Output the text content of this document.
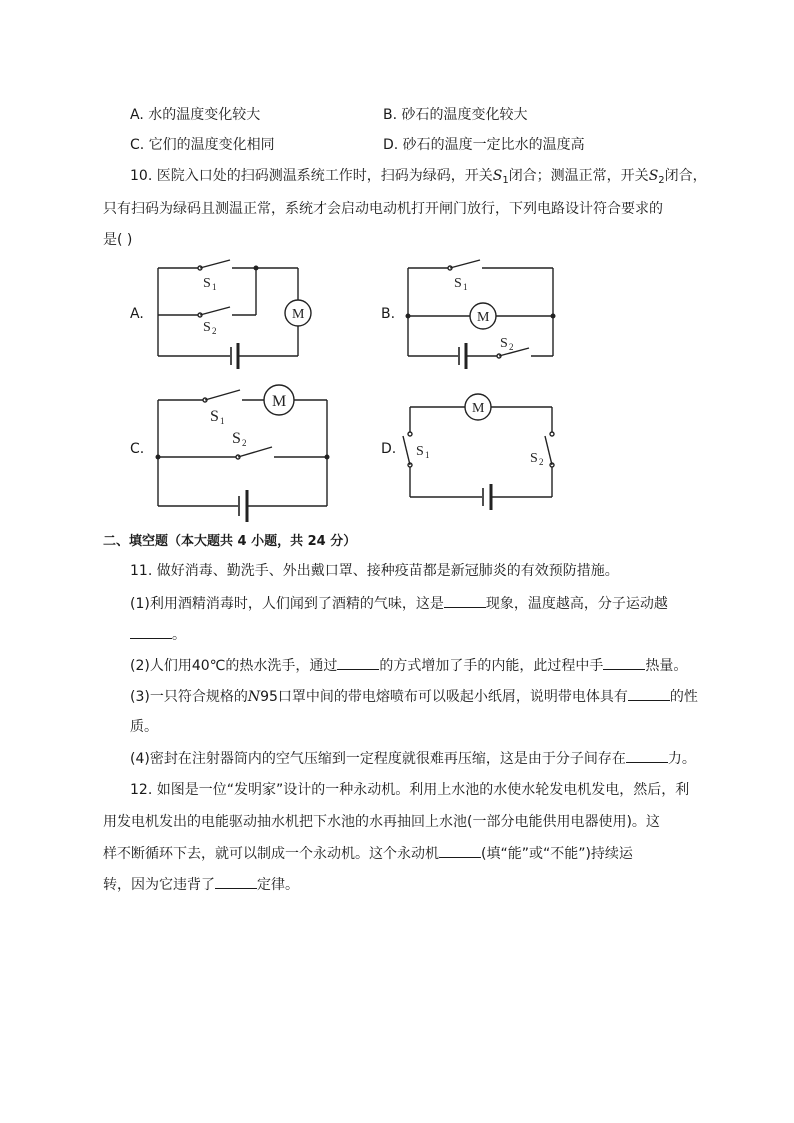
A. 水的温度变化较大	B. 砂石的温度变化较大
C. 它们的温度变化相同	D. 砂石的温度一定比水的温度高
10. 医院入口处的扫码测温系统工作时，扫码为绿码，开关$S_1$闭合；测温正常，开关$S_2$闭合，
只有扫码为绿码且测温正常，系统才会启动电动机打开闸门放行，下列电路设计符合要求的
是( )
A.	B.
C.	D.
S 1
S 2
M
S 1
S 2
M
S 1
S 2
M
S 1	S 2
M
二、填空题（本大题共 4 小题，共 24 分）
11. 做好消毒、勤洗手、外出戴口罩、接种疫苗都是新冠肺炎的有效预防措施。
(1)利用酒精消毒时，人们闻到了酒精的气味，这是	现象，温度越高，分子运动越
。
(2)人们用40℃的热水洗手，通过	的方式增加了手的内能，此过程中手	热量。
(3)一只符合规格的N95口罩中间的带电熔喷布可以吸起小纸屑，说明带电体具有	的性
质。
(4)密封在注射器筒内的空气压缩到一定程度就很难再压缩，这是由于分子间存在	力。
12. 如图是一位“发明家”设计的一种永动机。利用上水池的水使水轮发电机发电，然后，利
用发电机发出的电能驱动抽水机把下水池的水再抽回上水池(一部分电能供用电器使用)。这
样不断循环下去，就可以制成一个永动机。这个永动机	(填“能”或“不能”)持续运
转，因为它违背了	定律。
